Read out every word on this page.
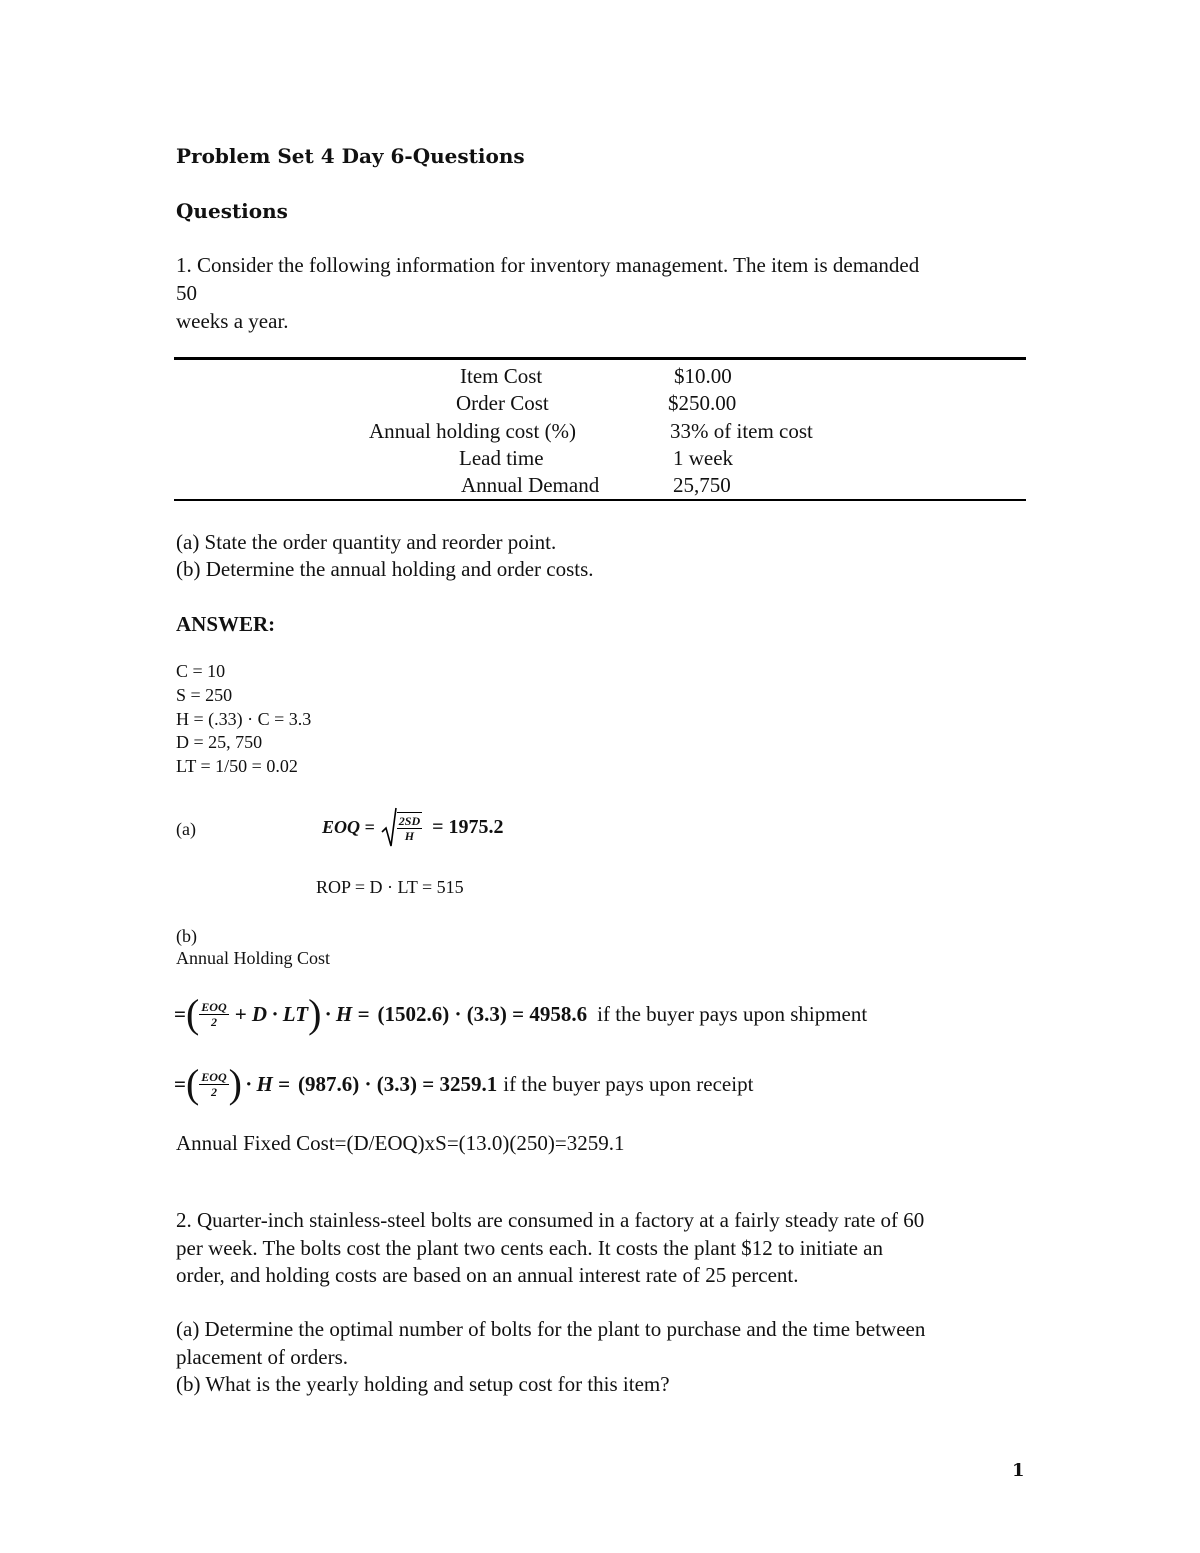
Problem Set 4 Day 6-Questions
Questions
1. Consider the following information for inventory management. The item is demanded
50
weeks a year.
Item Cost	$10.00
Order Cost	$250.00
Annual holding cost (%)	33% of item cost
Lead time	1 week
Annual Demand	25,750
(a) State the order quantity and reorder point.
(b) Determine the annual holding and order costs.
ANSWER:
C = 10
S = 250
H = (.33) · C = 3.3
D = 25, 750
LT = 1/50 = 0.02
(a)	EOQ = $\frac{2SD}{H} = 1975.2$
ROP = D · LT = 515
(b)
Annual Holding Cost
= ( $\frac{\text{EOQ}}{2} + D$ · LT ) · H = (1502.6) · (3.3) = 4958.6 if the buyer pays upon shipment
= ( $\frac{\text{EOQ}}{2}$ ) · H = (987.6) · (3.3) = 3259.1 if the buyer pays upon receipt
Annual Fixed Cost=(D/EOQ)xS=(13.0)(250)=3259.1
2. Quarter-inch stainless-steel bolts are consumed in a factory at a fairly steady rate of 60
per week. The bolts cost the plant two cents each. It costs the plant $12 to initiate an
order, and holding costs are based on an annual interest rate of 25 percent.
(a) Determine the optimal number of bolts for the plant to purchase and the time between
placement of orders.
(b) What is the yearly holding and setup cost for this item?
1
